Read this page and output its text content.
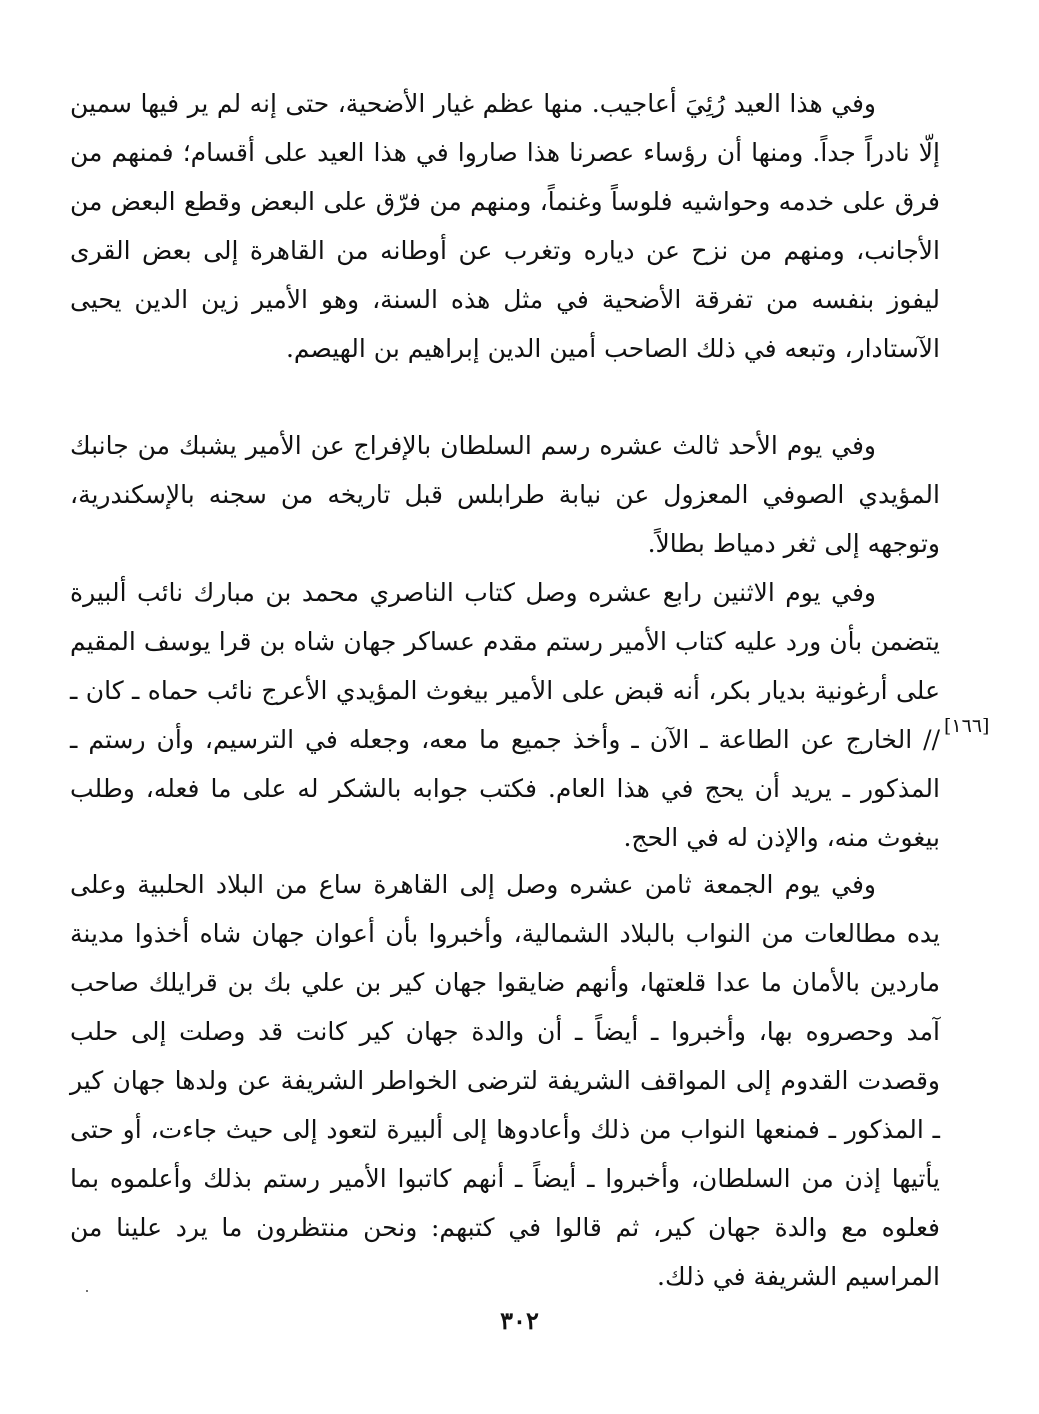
وفي هذا العيد رُئِيَ أعاجيب. منها عظم غيار الأضحية، حتى إنه لم ير فيها سمين إلّا نادراً جداً. ومنها أن رؤساء عصرنا هذا صاروا في هذا العيد على أقسام؛ فمنهم من فرق على خدمه وحواشيه فلوساً وغنماً، ومنهم من فرّق على البعض وقطع البعض من الأجانب، ومنهم من نزح عن دياره وتغرب عن أوطانه من القاهرة إلى بعض القرى ليفوز بنفسه من تفرقة الأضحية في مثل هذه السنة، وهو الأمير زين الدين يحيى الآستادار، وتبعه في ذلك الصاحب أمين الدين إبراهيم بن الهيصم.

وفي يوم الأحد ثالث عشره رسم السلطان بالإفراج عن الأمير يشبك من جانبك المؤيدي الصوفي المعزول عن نيابة طرابلس قبل تاريخه من سجنه بالإسكندرية، وتوجهه إلى ثغر دمياط بطالاً.

وفي يوم الاثنين رابع عشره وصل كتاب الناصري محمد بن مبارك نائب ألبيرة يتضمن بأن ورد عليه كتاب الأمير رستم مقدم عساكر جهان شاه بن قرا يوسف المقيم على أرغونية بديار بكر، أنه قبض على الأمير بيغوث المؤيدي الأعرج نائب حماه ـ كان ـ // الخارج عن الطاعة ـ الآن ـ وأخذ جميع ما معه، وجعله في الترسيم، وأن رستم ـ المذكور ـ يريد أن يحج في هذا العام. فكتب جوابه بالشكر له على ما فعله، وطلب بيغوث منه، والإذن له في الحج.

[١٦٦]

وفي يوم الجمعة ثامن عشره وصل إلى القاهرة ساع من البلاد الحلبية وعلى يده مطالعات من النواب بالبلاد الشمالية، وأخبروا بأن أعوان جهان شاه أخذوا مدينة ماردين بالأمان ما عدا قلعتها، وأنهم ضايقوا جهان كير بن علي بك بن قرايلك صاحب آمد وحصروه بها، وأخبروا ـ أيضاً ـ أن والدة جهان كير كانت قد وصلت إلى حلب وقصدت القدوم إلى المواقف الشريفة لترضى الخواطر الشريفة عن ولدها جهان كير ـ المذكور ـ فمنعها النواب من ذلك وأعادوها إلى ألبيرة لتعود إلى حيث جاءت، أو حتى يأتيها إذن من السلطان، وأخبروا ـ أيضاً ـ أنهم كاتبوا الأمير رستم بذلك وأعلموه بما فعلوه مع والدة جهان كير، ثم قالوا في كتبهم: ونحن منتظرون ما يرد علينا من المراسيم الشريفة في ذلك.

٣٠٢
